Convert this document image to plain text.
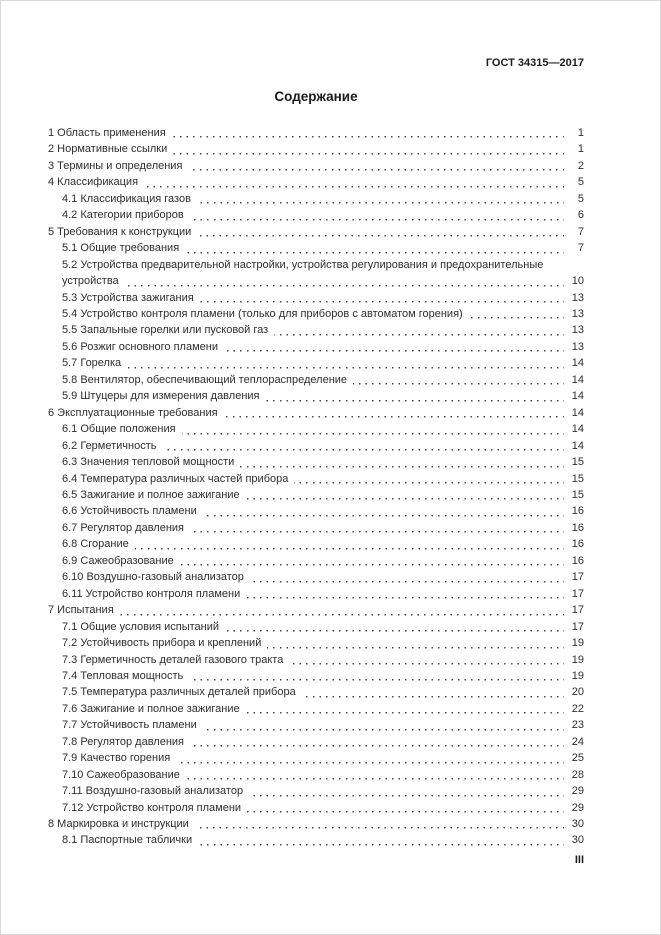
ГОСТ 34315—2017
Содержание
1
1 Область применения
1
2 Нормативные ссылки
2
3 Термины и определения
5
4 Классификация
5
4.1 Классификация газов
6
4.2 Категории приборов
7
5 Требования к конструкции
7
5.1 Общие требования
10
5.2 Устройства предварительной настройки, устройства регулирования и предохранительные устройства
13
5.3 Устройства зажигания
13
5.4 Устройство контроля пламени (только для приборов с автоматом горения)
13
5.5 Запальные горелки или пусковой газ
13
5.6 Розжиг основного пламени
14
5.7 Горелка
14
5.8 Вентилятор, обеспечивающий теплораспределение
14
5.9 Штуцеры для измерения давления
14
6 Эксплуатационные требования
14
6.1 Общие положения
14
6.2 Герметичность
15
6.3 Значения тепловой мощности
15
6.4 Температура различных частей прибора
15
6.5 Зажигание и полное зажигание
16
6.6 Устойчивость пламени
16
6.7 Регулятор давления
16
6.8 Сгорание
16
6.9 Сажеобразование
17
6.10 Воздушно-газовый анализатор
17
6.11 Устройство контроля пламени
17
7 Испытания
17
7.1 Общие условия испытаний
19
7.2 Устойчивость прибора и креплений
19
7.3 Герметичность деталей газового тракта
19
7.4 Тепловая мощность
20
7.5 Температура различных деталей прибора
22
7.6 Зажигание и полное зажигание
23
7.7 Устойчивость пламени
24
7.8 Регулятор давления
25
7.9 Качество горения
28
7.10 Сажеобразование
29
7.11 Воздушно-газовый анализатор
29
7.12 Устройство контроля пламени
30
8 Маркировка и инструкции
30
8.1 Паспортные таблички
III
